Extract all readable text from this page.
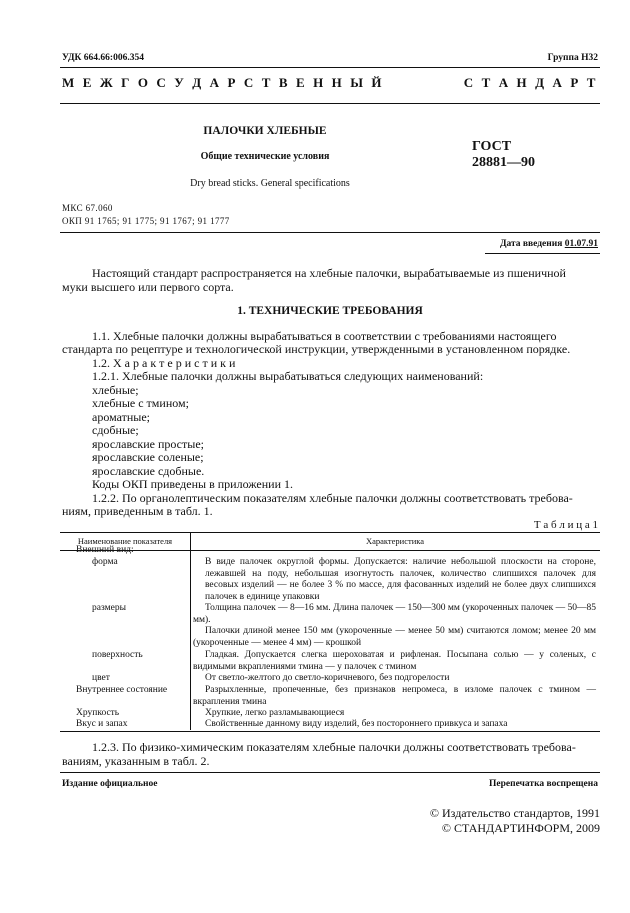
УДК 664.66:006.354	Группа Н32
М Е Ж Г О С У Д А Р С Т В Е Н Н Ы Й	С Т А Н Д А Р Т
ПАЛОЧКИ ХЛЕБНЫЕ
Общие технические условия
Dry bread sticks. General specifications
ГОСТ
28881—90
МКС 67.060
ОКП 91 1765; 91 1775; 91 1767; 91 1777
Дата введения 01.07.91
Настоящий стандарт распространяется на хлебные палочки, вырабатываемые из пшеничной
муки высшего или первого сорта.
1. ТЕХНИЧЕСКИЕ ТРЕБОВАНИЯ
1.1. Хлебные палочки должны вырабатываться в соответствии с требованиями настоящего
стандарта по рецептуре и технологической инструкции, утвержденными в установленном порядке.
1.2. Х а р а к т е р и с т и к и
1.2.1. Хлебные палочки должны вырабатываться следующих наименований:
хлебные;
хлебные с тмином;
ароматные;
сдобные;
ярославские простые;
ярославские соленые;
ярославские сдобные.
Коды ОКП приведены в приложении 1.
1.2.2. По органолептическим показателям хлебные палочки должны соответствовать требова-
ниям, приведенным в табл. 1.
Т а б л и ц а 1
Наименование показателя	Характеристика
Внешний вид:
форма	В виде палочек округлой формы. Допускается: наличие небольшой плоскости на стороне, лежавшей на поду, небольшая изогнутость палочек, количество слипшихся палочек для весовых изделий — не более 3 % по массе, для фасованных изделий не более двух слипшихся палочек в единице упаковки
размеры	Толщина палочек — 8—16 мм. Длина палочек — 150—300 мм (укороченных палочек — 50—85 мм).
Палочки длиной менее 150 мм (укороченные — менее 50 мм) считаются ломом; менее 20 мм (укороченные — менее 4 мм) — крошкой
поверхность	Гладкая. Допускается слегка шероховатая и рифленая. Посыпана солью — у соленых, с видимыми вкраплениями тмина — у палочек с тмином
цвет	От светло-желтого до светло-коричневого, без подгорелости
Внутреннее состояние	Разрыхленные, пропеченные, без признаков непромеса, в изломе палочек с тмином — вкрапления тмина
Хрупкость	Хрупкие, легко разламывающиеся
Вкус и запах	Свойственные данному виду изделий, без постороннего привкуса и запаха
1.2.3. По физико-химическим показателям хлебные палочки должны соответствовать требова-
ваниям, указанным в табл. 2.
Издание официальное	Перепечатка воспрещена
© Издательство стандартов, 1991
© СТАНДАРТИНФОРМ, 2009
